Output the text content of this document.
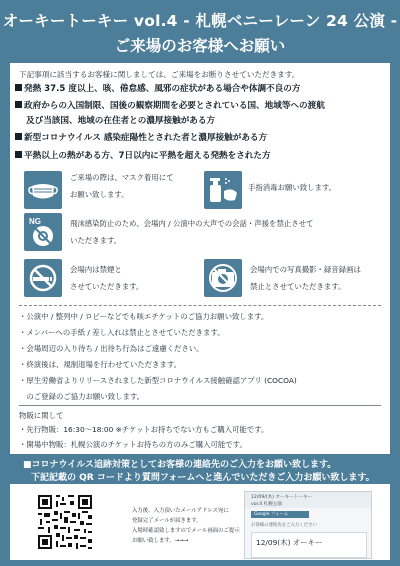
オーキートーキー vol.4 - 札幌ベニーレーン 24 公演 -
ご来場のお客様へお願い
下記事項に該当するお客様に関しましては、ご来場をお断りさせていただきます。
発熱 37.5 度以上、咳、倦怠感、風邪の症状がある場合や体調不良の方
政府からの入国制限、国後の観察期間を必要とされている国、地域等への渡航
及び当該国、地域の在住者との濃厚接触がある方
新型コロナウイルス 感染症陽性とされた者と濃厚接触がある方
平熱以上の熱がある方、7日以内に平熱を超える発熱をされた方
ご来場の際は、マスク着用にて
お願い致します。
手指消毒お願い致します。
NG	飛沫感染防止のため、会場内 / 公演中の大声での会話・声援を禁止させて
いただきます。
会場内は禁煙と
させていただきます。
会場内での写真撮影・録音録画は
禁止とさせていただきます。
・公演中 / 整列中 / ロビーなどでも咳エチケットのご協力お願い致します。
・メンバーへの手紙 / 差し入れは禁止とさせていただきます。
・会場周辺の入り待ち / 出待ち行為はご遠慮ください。
・終演後は、規制退場を行わせていただきます。
・厚生労働省よりリリースされました新型コロナウイルス接触確認アプリ (COCOA)
　のご登録のご協力お願い致します。
物販に関して
・先行物販：16:30～18:00 ※チケットお持ちでない方もご購入可能です。
・開場中物販：札幌公演のチケットお持ちの方のみご購入可能です。
■コロナウイルス追跡対策としてお客様の連絡先のご入力をお願い致します。
下記記載の QR コードより質問フォームへと進んでいただきご入力お願い致します。
入力後、入力頂いたメールアドレス宛に
登録完了メールが届きます。
入場時確認致しますのでメール画面のご提示
お願い致します。→→→
12/09/(木) オーキートーキー
vol.4 札幌公演
Google フォーム
お客様の連絡先をご入力ください
12/09(木) オーキー
